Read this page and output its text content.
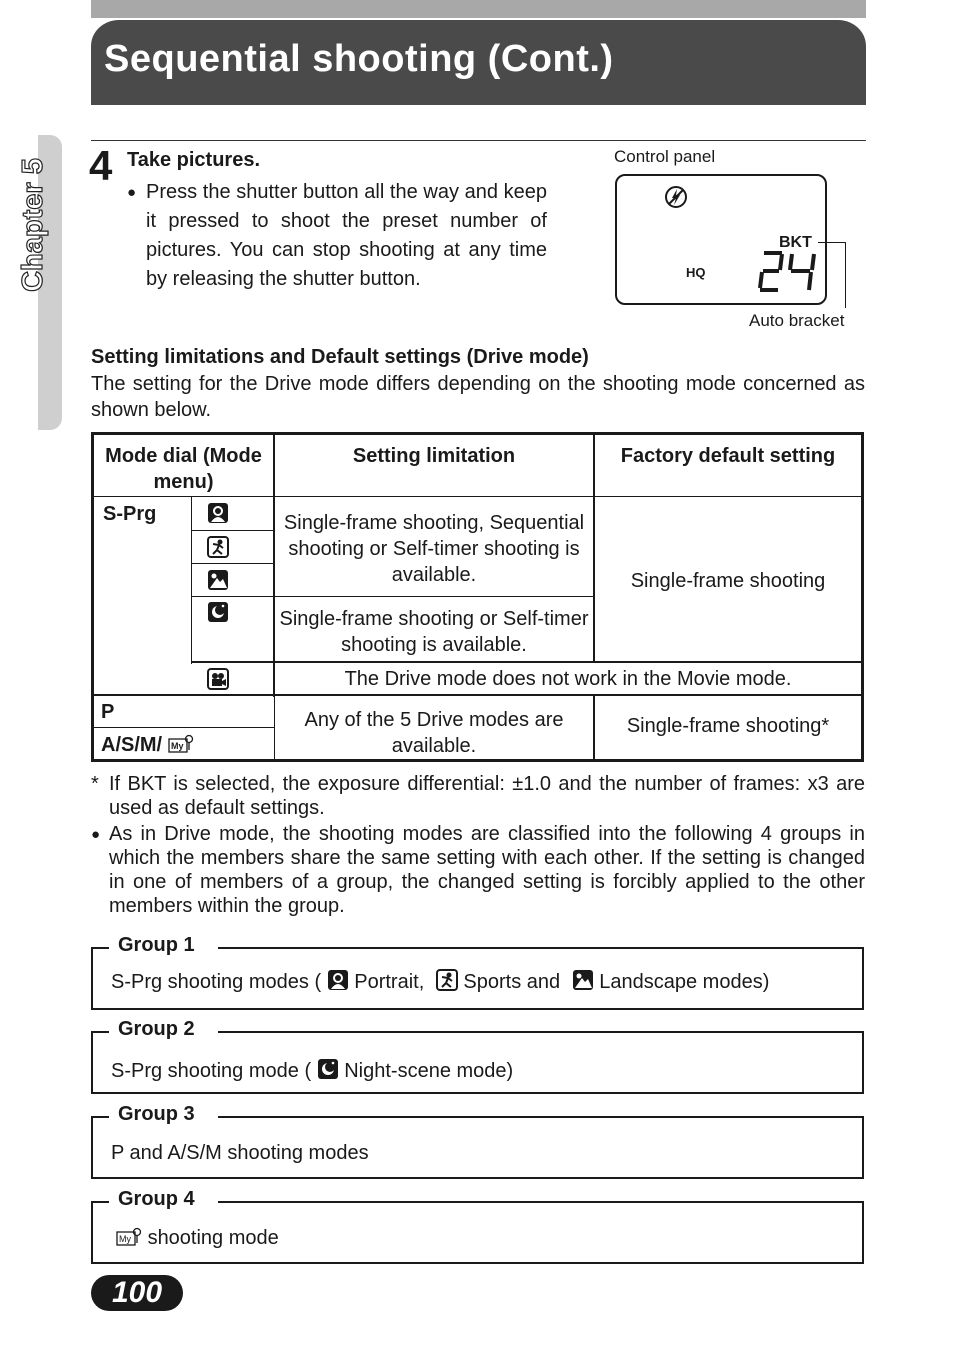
Sequential shooting (Cont.)
Chapter 5 4 Take pictures.
● Press the shutter button all the way and keep it pressed to shoot the preset number of pictures. You can stop shooting at any time by releasing the shutter button.
Control panel
BKT
HQ
Auto bracket
Setting limitations and Default settings (Drive mode)
The setting for the Drive mode differs depending on the shooting mode concerned as shown below.
Mode dial (Mode menu)
Setting limitation	Factory default setting
S-Prg	Single-frame shooting, Sequential shooting or Self-timer shooting is available.
Single-frame shooting or Self-timer shooting is available.
Single-frame shooting
The Drive mode does not work in the Movie mode.
P
A/S/M/ My
Any of the 5 Drive modes are available.
Single-frame shooting*
* If BKT is selected, the exposure differential: ±1.0 and the number of frames: x3 are used as default settings.
● As in Drive mode, the shooting modes are classified into the following 4 groups in which the members share the same setting with each other. If the setting is changed in one of members of a group, the changed setting is forcibly applied to the other members within the group.
Group 1
S-Prg shooting modes ( Portrait, Sports and Landscape modes)
Group 2
S-Prg shooting mode ( Night-scene mode)
Group 3
P and A/S/M shooting modes
Group 4
My shooting mode
100
